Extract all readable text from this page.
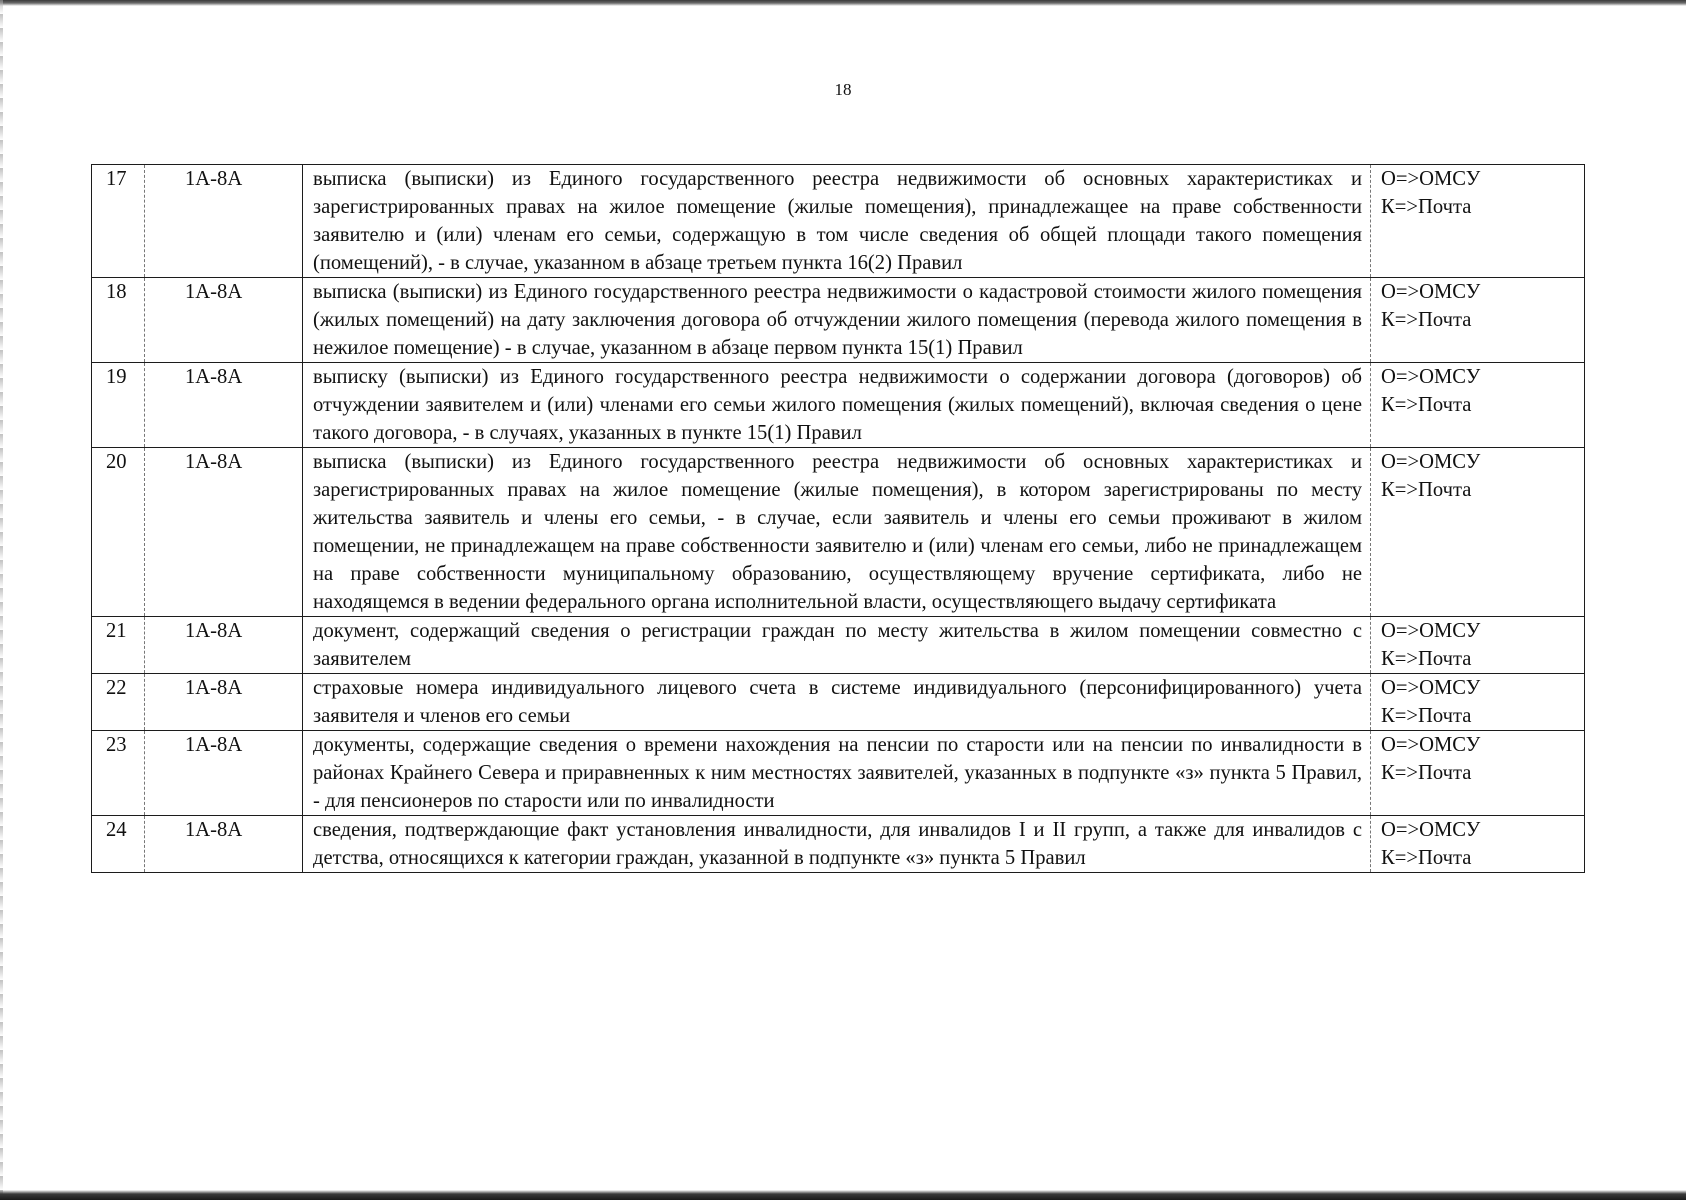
18
17	1А-8А	выписка (выписки) из Единого государственного реестра недвижимости об основных характеристиках и зарегистрированных правах на жилое помещение (жилые помещения), принадлежащее на праве собственности заявителю и (или) членам его семьи, содержащую в том числе сведения об общей площади такого помещения (помещений), - в случае, указанном в абзаце третьем пункта 16(2) Правил	О=>ОМСУ
К=>Почта

18	1А-8А	выписка (выписки) из Единого государственного реестра недвижимости о кадастровой стоимости жилого помещения (жилых помещений) на дату заключения договора об отчуждении жилого помещения (перевода жилого помещения в нежилое помещение) - в случае, указанном в абзаце первом пункта 15(1) Правил	О=>ОМСУ
К=>Почта

19	1А-8А	выписку (выписки) из Единого государственного реестра недвижимости о содержании договора (договоров) об отчуждении заявителем и (или) членами его семьи жилого помещения (жилых помещений), включая сведения о цене такого договора, - в случаях, указанных в пункте 15(1) Правил	О=>ОМСУ
К=>Почта

20	1А-8А	выписка (выписки) из Единого государственного реестра недвижимости об основных характеристиках и зарегистрированных правах на жилое помещение (жилые помещения), в котором зарегистрированы по месту жительства заявитель и члены его семьи, - в случае, если заявитель и члены его семьи проживают в жилом помещении, не принадлежащем на праве собственности заявителю и (или) членам его семьи, либо не принадлежащем на праве собственности муниципальному образованию, осуществляющему вручение сертификата, либо не находящемся в ведении федерального органа исполнительной власти, осуществляющего выдачу сертификата	О=>ОМСУ
К=>Почта

21	1А-8А	документ, содержащий сведения о регистрации граждан по месту жительства в жилом помещении совместно с заявителем	О=>ОМСУ
К=>Почта

22	1А-8А	страховые номера индивидуального лицевого счета в системе индивидуального (персонифицированного) учета заявителя и членов его семьи	О=>ОМСУ
К=>Почта

23	1А-8А	документы, содержащие сведения о времени нахождения на пенсии по старости или на пенсии по инвалидности в районах Крайнего Севера и приравненных к ним местностях заявителей, указанных в подпункте «з» пункта 5 Правил, - для пенсионеров по старости или по инвалидности	О=>ОМСУ
К=>Почта

24	1А-8А	сведения, подтверждающие факт установления инвалидности, для инвалидов I и II групп, а также для инвалидов с детства, относящихся к категории граждан, указанной в подпункте «з» пункта 5 Правил	О=>ОМСУ
К=>Почта
